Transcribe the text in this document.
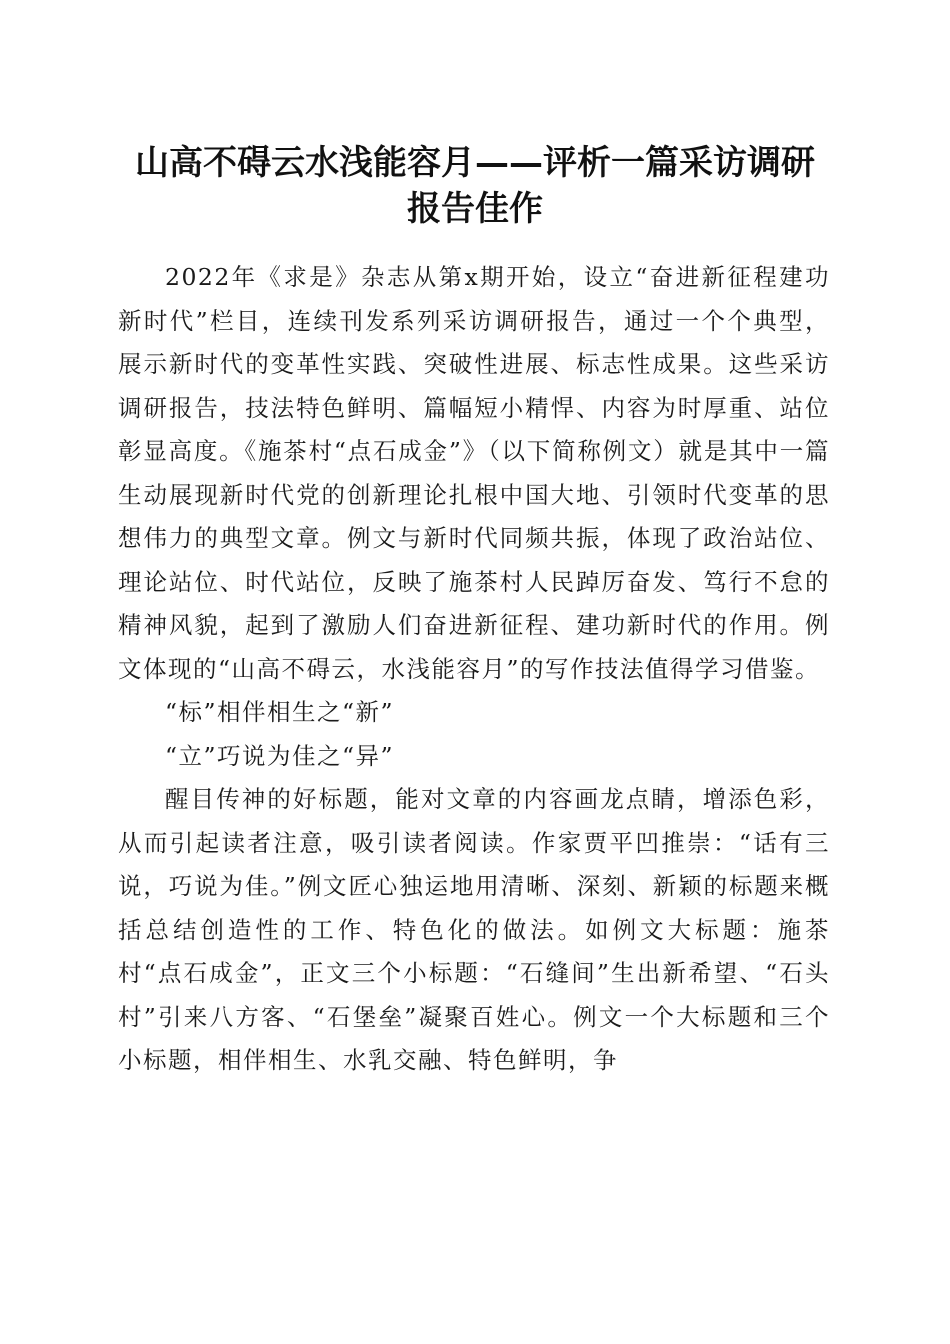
山高不碍云水浅能容月——评析一篇采访调研
报告佳作

2022年《求是》杂志从第x期开始，设立“奋进新征程建功新时代”栏目，连续刊发系列采访调研报告，通过一个个典型，展示新时代的变革性实践、突破性进展、标志性成果。这些采访调研报告，技法特色鲜明、篇幅短小精悍、内容为时厚重、站位彰显高度。《施茶村“点石成金”》（以下简称例文）就是其中一篇生动展现新时代党的创新理论扎根中国大地、引领时代变革的思想伟力的典型文章。例文与新时代同频共振，体现了政治站位、理论站位、时代站位，反映了施茶村人民踔厉奋发、笃行不怠的精神风貌，起到了激励人们奋进新征程、建功新时代的作用。例文体现的“山高不碍云，水浅能容月”的写作技法值得学习借鉴。

“标”相伴相生之“新”

“立”巧说为佳之“异”

醒目传神的好标题，能对文章的内容画龙点睛，增添色彩，从而引起读者注意，吸引读者阅读。作家贾平凹推崇：“话有三说，巧说为佳。”例文匠心独运地用清晰、深刻、新颖的标题来概括总结创造性的工作、特色化的做法。如例文大标题：施茶村“点石成金”，正文三个小标题：“石缝间”生出新希望、“石头村”引来八方客、“石堡垒”凝聚百姓心。例文一个大标题和三个小标题，相伴相生、水乳交融、特色鲜明，争
